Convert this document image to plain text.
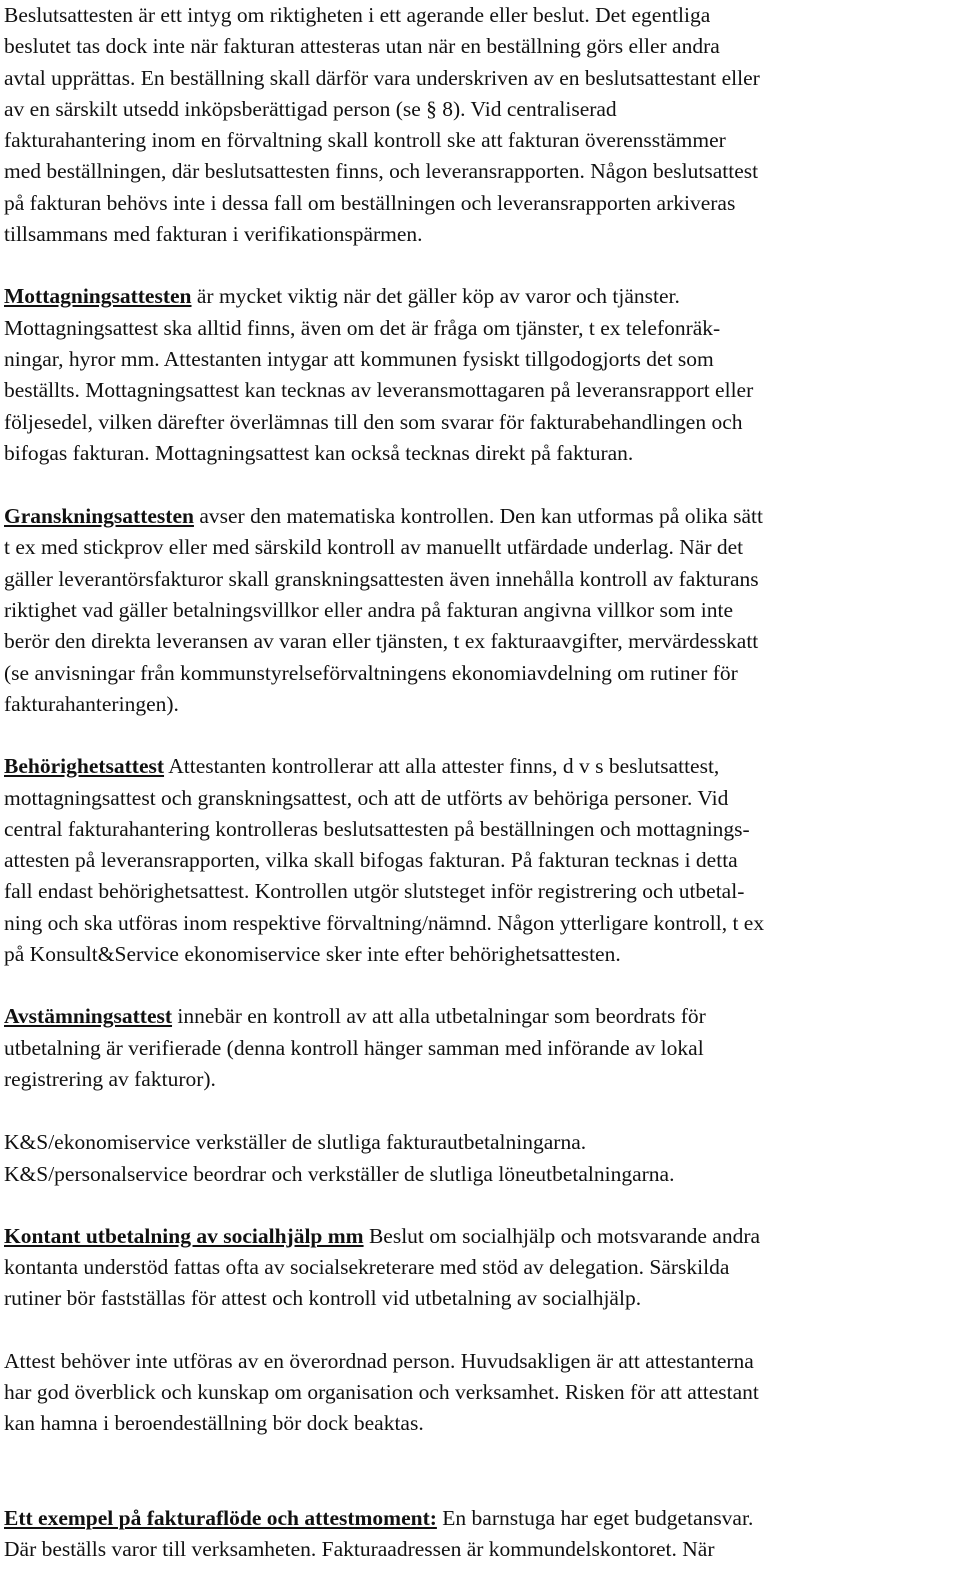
Beslutsattesten är ett intyg om riktigheten i ett agerande eller beslut. Det egentliga
beslutet tas dock inte när fakturan attesteras utan när en beställning görs eller andra
avtal upprättas. En beställning skall därför vara underskriven av en beslutsattestant eller
av en särskilt utsedd inköpsberättigad person (se § 8). Vid centraliserad
fakturahantering inom en förvaltning skall kontroll ske att fakturan överensstämmer
med beställningen, där beslutsattesten finns, och leveransrapporten. Någon beslutsattest
på fakturan behövs inte i dessa fall om beställningen och leveransrapporten arkiveras
tillsammans med fakturan i verifikationspärmen.

Mottagningsattesten är mycket viktig när det gäller köp av varor och tjänster.
Mottagningsattest ska alltid finns, även om det är fråga om tjänster, t ex telefonräk-
ningar, hyror mm. Attestanten intygar att kommunen fysiskt tillgodogjorts det som
beställts. Mottagningsattest kan tecknas av leveransmottagaren på leveransrapport eller
följesedel, vilken därefter överlämnas till den som svarar för fakturabehandlingen och
bifogas fakturan. Mottagningsattest kan också tecknas direkt på fakturan.

Granskningsattesten avser den matematiska kontrollen. Den kan utformas på olika sätt
t ex med stickprov eller med särskild kontroll av manuellt utfärdade underlag. När det
gäller leverantörsfakturor skall granskningsattesten även innehålla kontroll av fakturans
riktighet vad gäller betalningsvillkor eller andra på fakturan angivna villkor som inte
berör den direkta leveransen av varan eller tjänsten, t ex fakturaavgifter, mervärdesskatt
(se anvisningar från kommunstyrelseförvaltningens ekonomiavdelning om rutiner för
fakturahanteringen).

Behörighetsattest Attestanten kontrollerar att alla attester finns, d v s beslutsattest,
mottagningsattest och granskningsattest, och att de utförts av behöriga personer. Vid
central fakturahantering kontrolleras beslutsattesten på beställningen och mottagnings-
attesten på leveransrapporten, vilka skall bifogas fakturan. På fakturan tecknas i detta
fall endast behörighetsattest. Kontrollen utgör slutsteget inför registrering och utbetal-
ning och ska utföras inom respektive förvaltning/nämnd. Någon ytterligare kontroll, t ex
på Konsult&Service ekonomiservice sker inte efter behörighetsattesten.

Avstämningsattest innebär en kontroll av att alla utbetalningar som beordrats för
utbetalning är verifierade (denna kontroll hänger samman med införande av lokal
registrering av fakturor).

K&S/ekonomiservice verkställer de slutliga fakturautbetalningarna.
K&S/personalservice beordrar och verkställer de slutliga löneutbetalningarna.

Kontant utbetalning av socialhjälp mm Beslut om socialhjälp och motsvarande andra
kontanta understöd fattas ofta av socialsekreterare med stöd av delegation. Särskilda
rutiner bör fastställas för attest och kontroll vid utbetalning av socialhjälp.

Attest behöver inte utföras av en överordnad person. Huvudsakligen är att attestanterna
har god överblick och kunskap om organisation och verksamhet. Risken för att attestant
kan hamna i beroendeställning bör dock beaktas.

Ett exempel på fakturaflöde och attestmoment: En barnstuga har eget budgetansvar.
Där beställs varor till verksamheten. Fakturaadressen är kommundelskontoret. När
